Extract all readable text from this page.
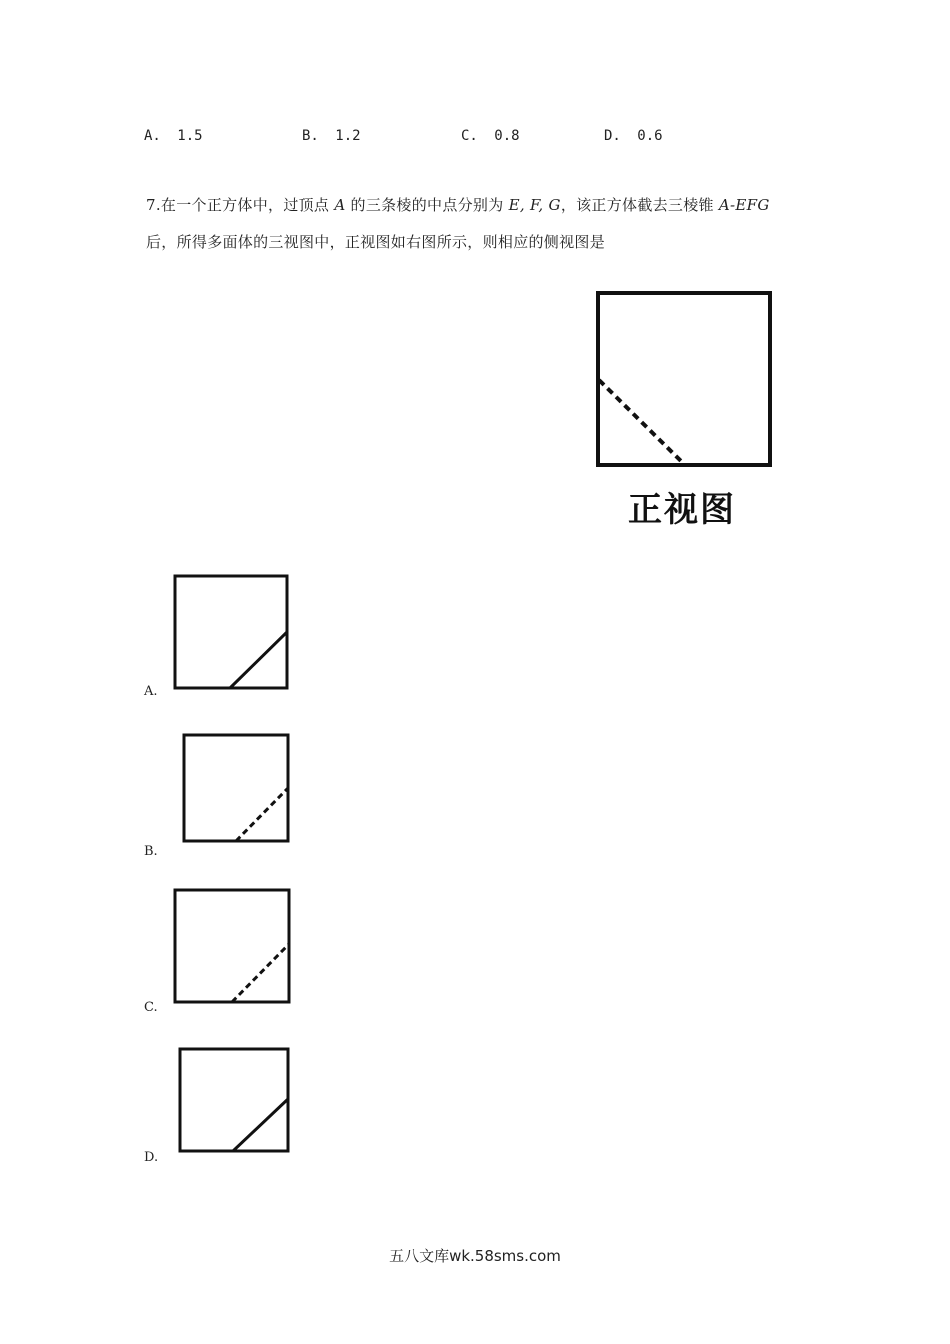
A. 1.5	B. 1.2	C. 0.8	D. 0.6
7.在一个正方体中，过顶点 A 的三条棱的中点分别为 E, F, G，该正方体截去三棱锥 A-EFG
后，所得多面体的三视图中，正视图如右图所示，则相应的侧视图是
正视图
A.
B.
C.
D.
五八文库wk.58sms.com
